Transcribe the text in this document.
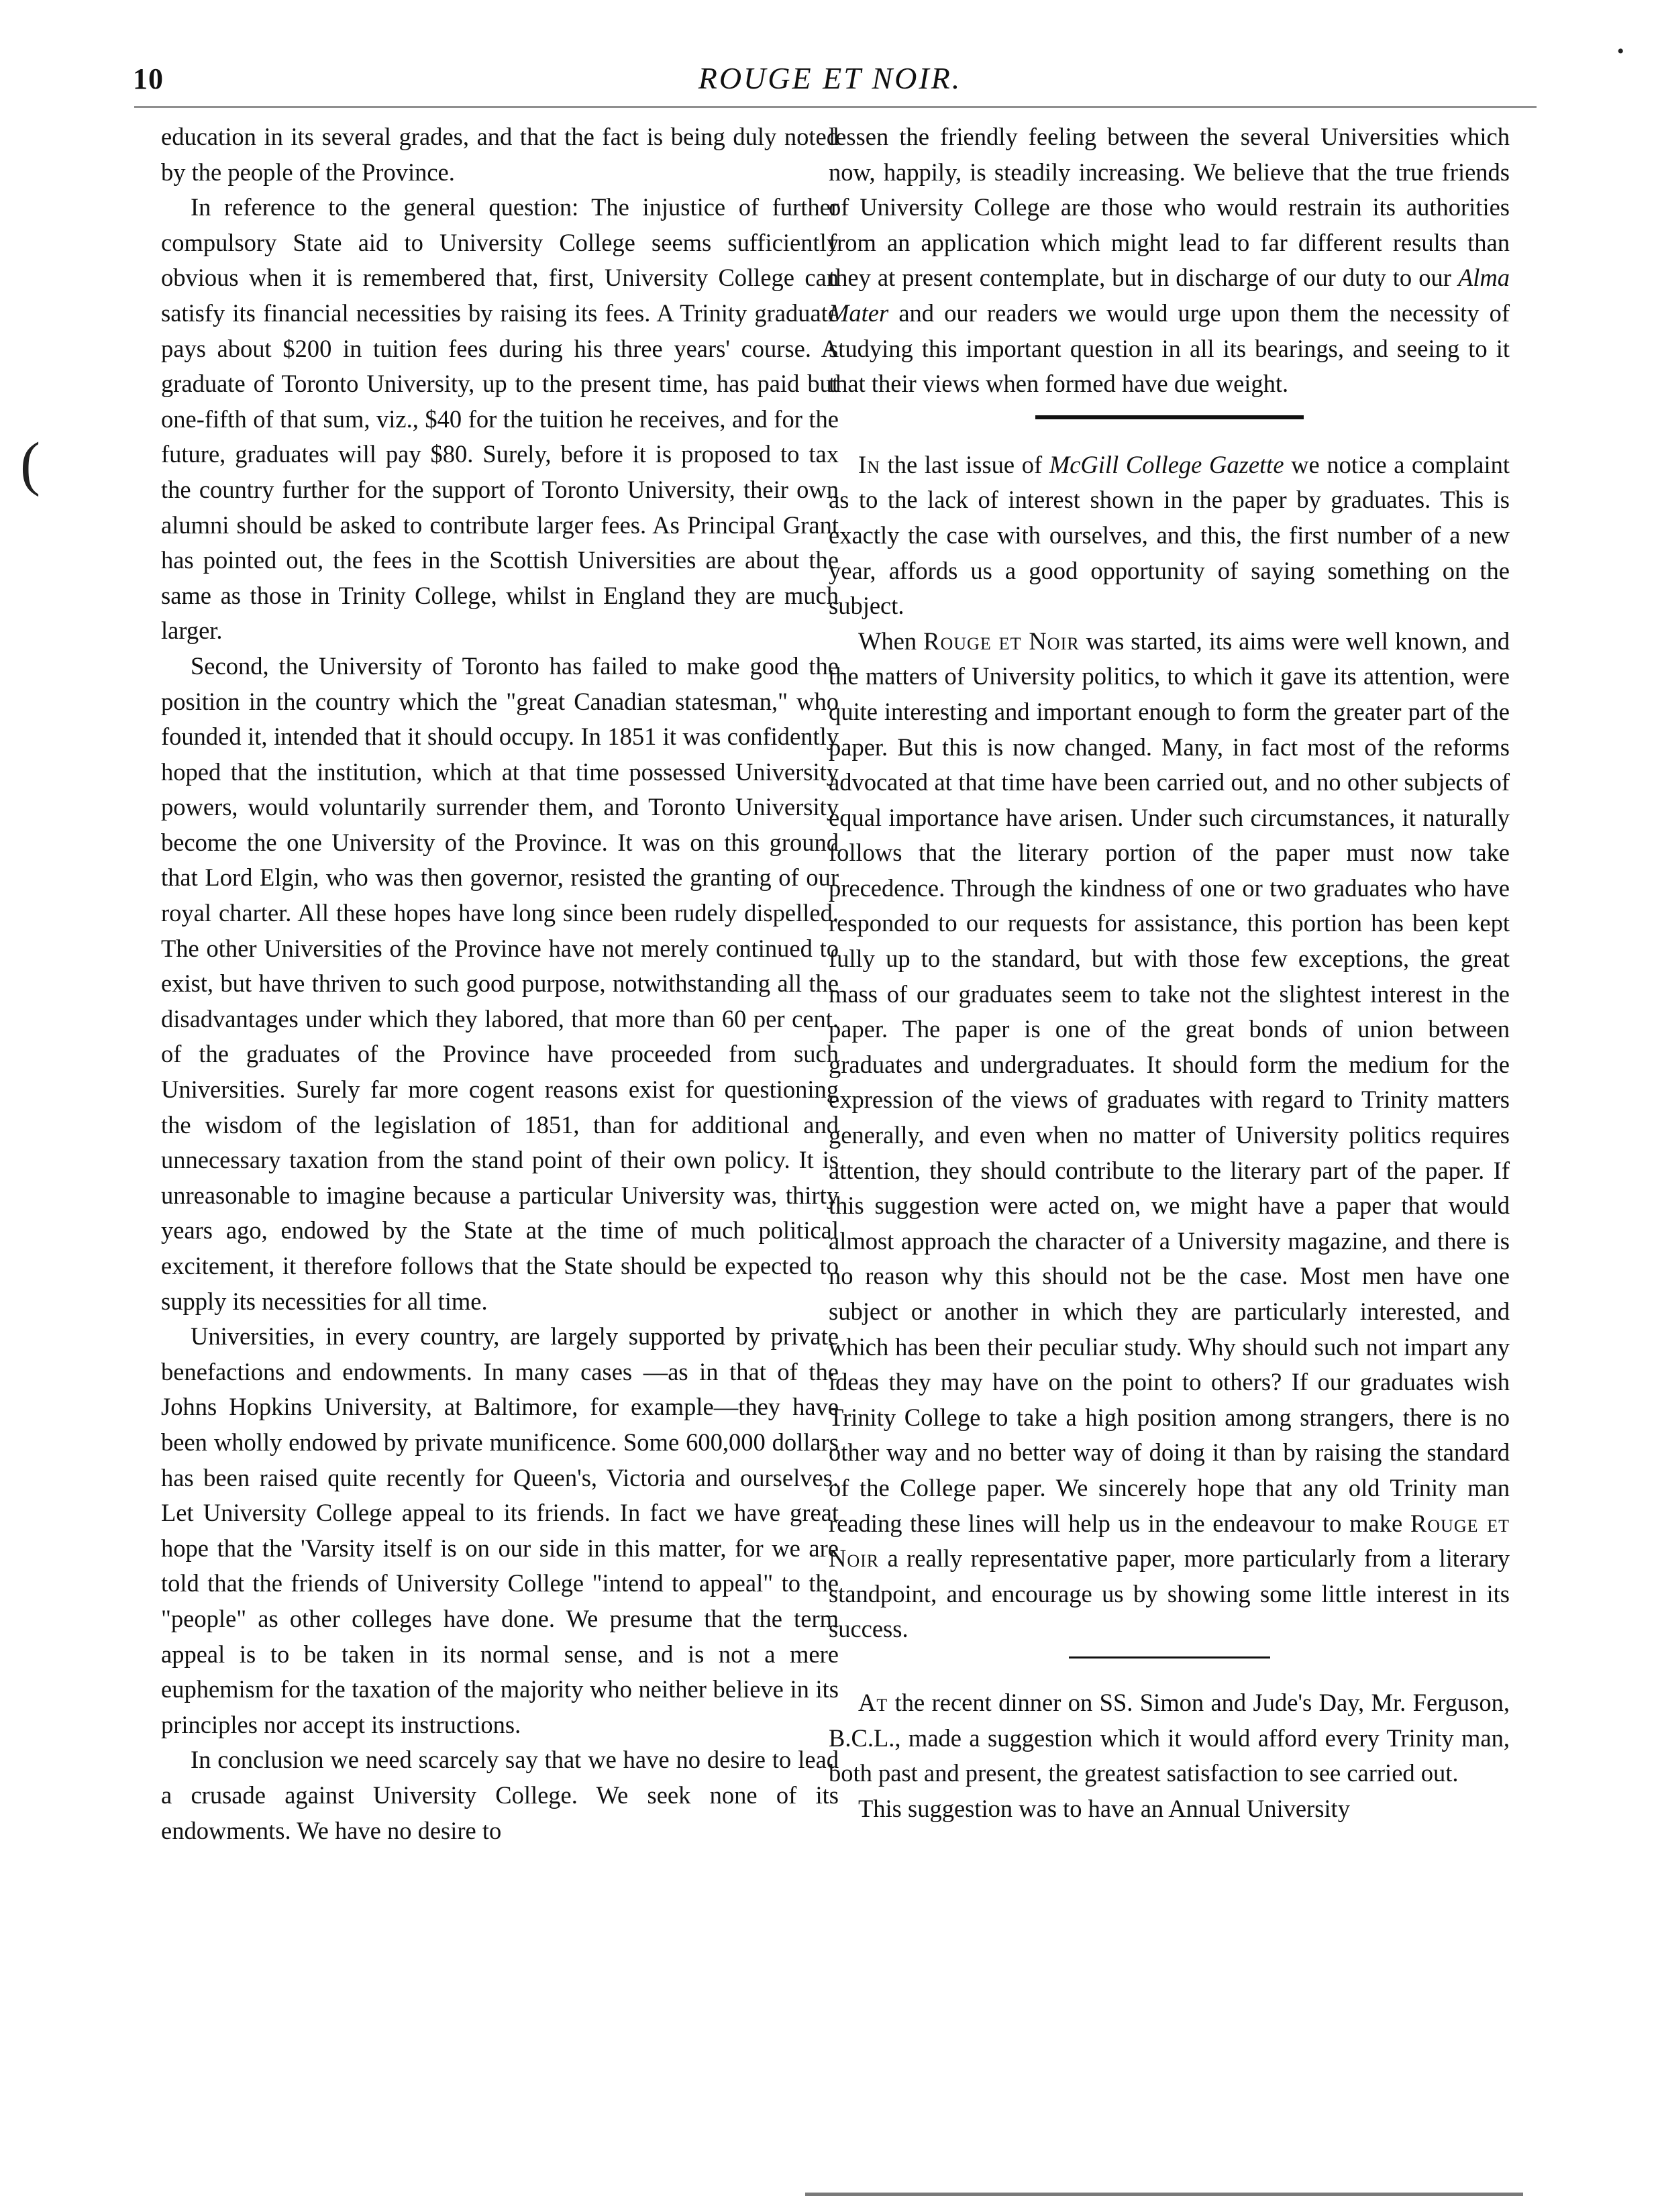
10	ROUGE ET NOIR.
(
•

education in its several grades, and that the fact is being duly noted by the people of the Province.

In reference to the general question: The injustice of further compulsory State aid to University College seems sufficiently obvious when it is remembered that, first, University College can satisfy its financial necessities by raising its fees. A Trinity graduate pays about $200 in tuition fees during his three years' course. A graduate of Toronto University, up to the present time, has paid but one-fifth of that sum, viz., $40 for the tuition he receives, and for the future, graduates will pay $80. Surely, before it is proposed to tax the country further for the support of Toronto University, their own alumni should be asked to contribute larger fees. As Principal Grant has pointed out, the fees in the Scottish Universities are about the same as those in Trinity College, whilst in England they are much larger.

Second, the University of Toronto has failed to make good the position in the country which the "great Canadian statesman," who founded it, intended that it should occupy. In 1851 it was confidently hoped that the institution, which at that time possessed University powers, would voluntarily surrender them, and Toronto University become the one University of the Province. It was on this ground that Lord Elgin, who was then governor, resisted the granting of our royal charter. All these hopes have long since been rudely dispelled. The other Universities of the Province have not merely continued to exist, but have thriven to such good purpose, notwithstanding all the disadvantages under which they labored, that more than 60 per cent. of the graduates of the Province have proceeded from such Universities. Surely far more cogent reasons exist for questioning the wisdom of the legislation of 1851, than for additional and unnecessary taxation from the stand point of their own policy. It is unreasonable to imagine because a particular University was, thirty years ago, endowed by the State at the time of much political excitement, it therefore follows that the State should be expected to supply its necessities for all time.

Universities, in every country, are largely supported by private benefactions and endowments. In many cases —as in that of the Johns Hopkins University, at Baltimore, for example—they have been wholly endowed by private munificence. Some 600,000 dollars has been raised quite recently for Queen's, Victoria and ourselves. Let University College appeal to its friends. In fact we have great hope that the 'Varsity itself is on our side in this matter, for we are told that the friends of University College "intend to appeal" to the "people" as other colleges have done. We presume that the term appeal is to be taken in its normal sense, and is not a mere euphemism for the taxation of the majority who neither believe in its principles nor accept its instructions.

In conclusion we need scarcely say that we have no desire to lead a crusade against University College. We seek none of its endowments. We have no desire to

lessen the friendly feeling between the several Universities which now, happily, is steadily increasing. We believe that the true friends of University College are those who would restrain its authorities from an application which might lead to far different results than they at present contemplate, but in discharge of our duty to our Alma Mater and our readers we would urge upon them the necessity of studying this important question in all its bearings, and seeing to it that their views when formed have due weight.

In the last issue of McGill College Gazette we notice a complaint as to the lack of interest shown in the paper by graduates. This is exactly the case with ourselves, and this, the first number of a new year, affords us a good opportunity of saying something on the subject.

When Rouge et Noir was started, its aims were well known, and the matters of University politics, to which it gave its attention, were quite interesting and important enough to form the greater part of the paper. But this is now changed. Many, in fact most of the reforms advocated at that time have been carried out, and no other subjects of equal importance have arisen. Under such circumstances, it naturally follows that the literary portion of the paper must now take precedence. Through the kindness of one or two graduates who have responded to our requests for assistance, this portion has been kept fully up to the standard, but with those few exceptions, the great mass of our graduates seem to take not the slightest interest in the paper. The paper is one of the great bonds of union between graduates and undergraduates. It should form the medium for the expression of the views of graduates with regard to Trinity matters generally, and even when no matter of University politics requires attention, they should contribute to the literary part of the paper. If this suggestion were acted on, we might have a paper that would almost approach the character of a University magazine, and there is no reason why this should not be the case. Most men have one subject or another in which they are particularly interested, and which has been their peculiar study. Why should such not impart any ideas they may have on the point to others? If our graduates wish Trinity College to take a high position among strangers, there is no other way and no better way of doing it than by raising the standard of the College paper. We sincerely hope that any old Trinity man reading these lines will help us in the endeavour to make Rouge et Noir a really representative paper, more particularly from a literary standpoint, and encourage us by showing some little interest in its success.

At the recent dinner on SS. Simon and Jude's Day, Mr. Ferguson, B.C.L., made a suggestion which it would afford every Trinity man, both past and present, the greatest satisfaction to see carried out.

This suggestion was to have an Annual University
